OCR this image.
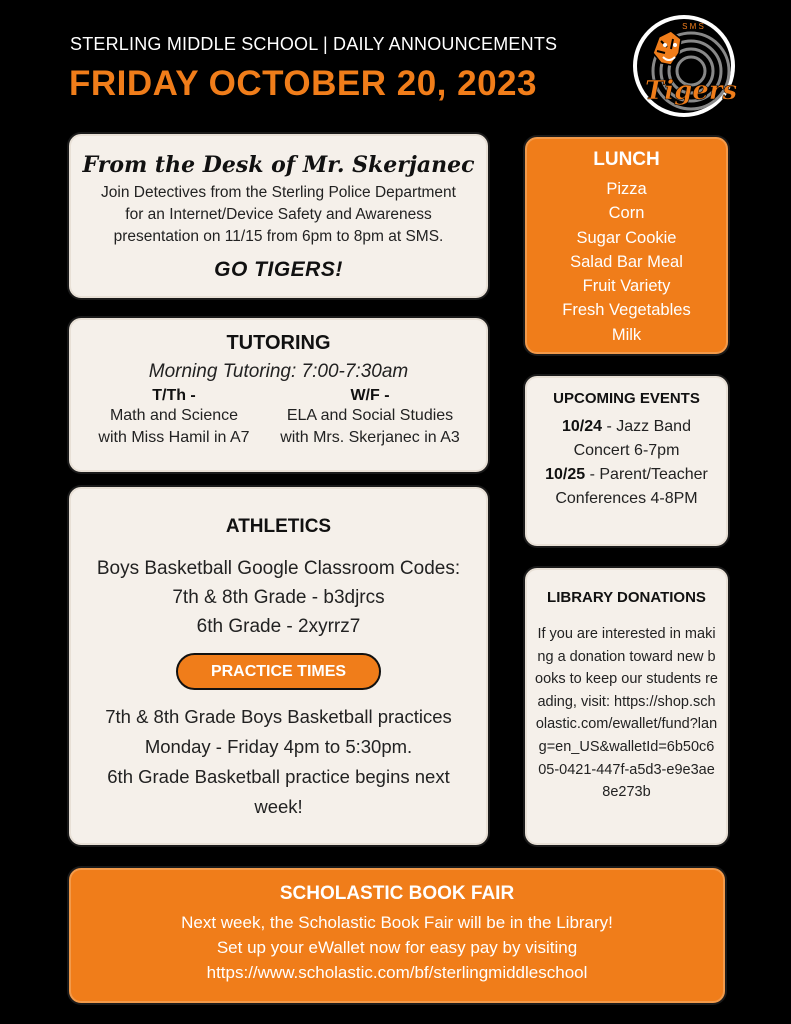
STERLING MIDDLE SCHOOL | DAILY ANNOUNCEMENTS
FRIDAY OCTOBER 20, 2023
S M S
Tigers
From the Desk of Mr. Skerjanec
Join Detectives from the Sterling Police Department
for an Internet/Device Safety and Awareness
presentation on 11/15 from 6pm to 8pm at SMS.
GO TIGERS!
TUTORING
Morning Tutoring: 7:00-7:30am
T/Th -
Math and Science
with Miss Hamil in A7
W/F -
ELA and Social Studies
with Mrs. Skerjanec in A3
ATHLETICS
Boys Basketball Google Classroom Codes:
7th & 8th Grade - b3djrcs
6th Grade - 2xyrrz7
PRACTICE TIMES
7th & 8th Grade Boys Basketball practices
Monday - Friday 4pm to 5:30pm.
6th Grade Basketball practice begins next
week!
LUNCH
Pizza
Corn
Sugar Cookie
Salad Bar Meal
Fruit Variety
Fresh Vegetables
Milk
UPCOMING EVENTS
10/24 - Jazz Band Concert 6-7pm
10/25 - Parent/Teacher Conferences 4-8PM
LIBRARY DONATIONS
If you are interested in making a donation toward new books to keep our students reading, visit: https://shop.scholastic.com/ewallet/fund?lang=en_US&walletId=6b50c605-0421-447f-a5d3-e9e3ae8e273b
SCHOLASTIC BOOK FAIR
Next week, the Scholastic Book Fair will be in the Library!
Set up your eWallet now for easy pay by visiting
https://www.scholastic.com/bf/sterlingmiddleschool
